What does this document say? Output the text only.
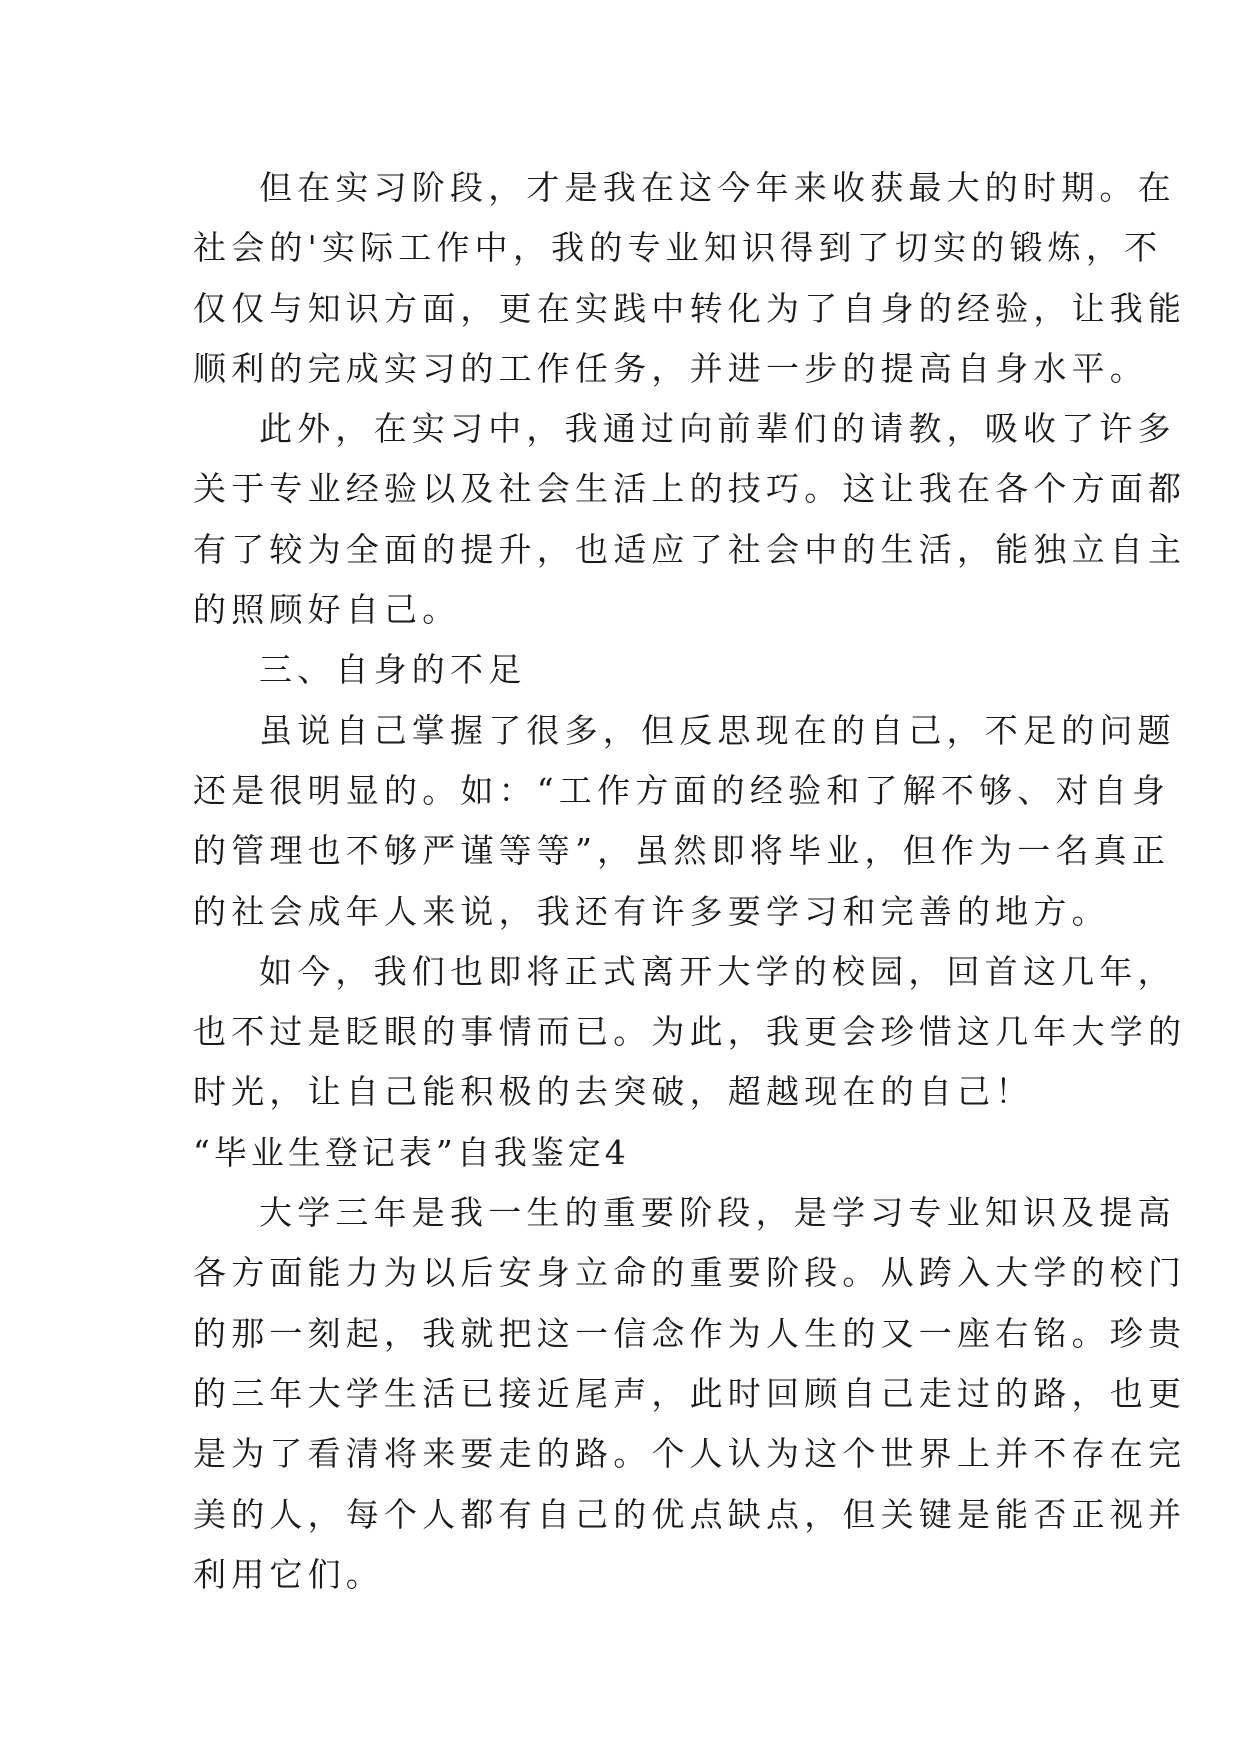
但在实习阶段，才是我在这今年来收获最大的时期。在
社会的'实际工作中，我的专业知识得到了切实的锻炼，不
仅仅与知识方面，更在实践中转化为了自身的经验，让我能
顺利的完成实习的工作任务，并进一步的提高自身水平。
此外，在实习中，我通过向前辈们的请教，吸收了许多
关于专业经验以及社会生活上的技巧。这让我在各个方面都
有了较为全面的提升，也适应了社会中的生活，能独立自主
的照顾好自己。
三、自身的不足
虽说自己掌握了很多，但反思现在的自己，不足的问题
还是很明显的。如：“工作方面的经验和了解不够、对自身
的管理也不够严谨等等”，虽然即将毕业，但作为一名真正
的社会成年人来说，我还有许多要学习和完善的地方。
如今，我们也即将正式离开大学的校园，回首这几年，
也不过是眨眼的事情而已。为此，我更会珍惜这几年大学的
时光，让自己能积极的去突破，超越现在的自己！
“毕业生登记表”自我鉴定4
大学三年是我一生的重要阶段，是学习专业知识及提高
各方面能力为以后安身立命的重要阶段。从跨入大学的校门
的那一刻起，我就把这一信念作为人生的又一座右铭。珍贵
的三年大学生活已接近尾声，此时回顾自己走过的路，也更
是为了看清将来要走的路。个人认为这个世界上并不存在完
美的人，每个人都有自己的优点缺点，但关键是能否正视并
利用它们。
